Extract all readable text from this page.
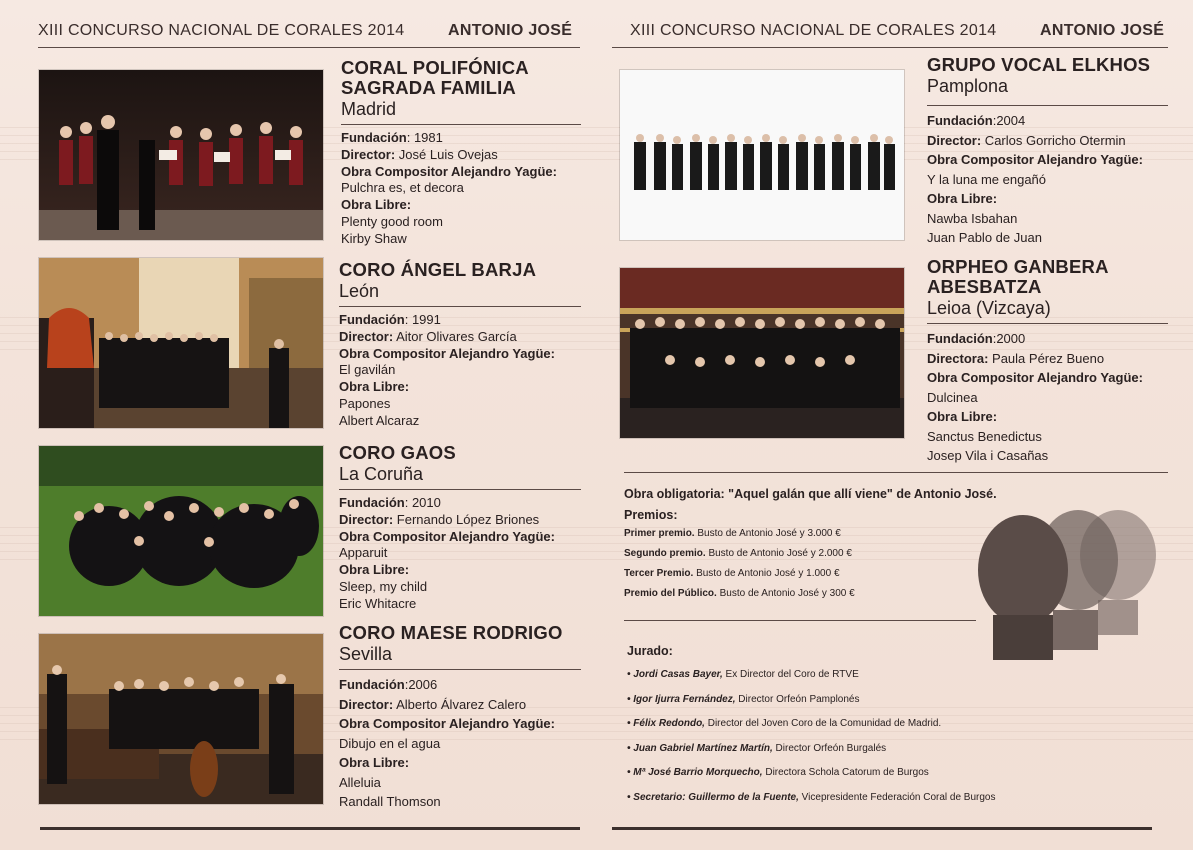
XIII CONCURSO NACIONAL DE CORALES 2014	ANTONIO JOSÉ	XIII CONCURSO NACIONAL DE CORALES 2014	ANTONIO JOSÉ
CORAL POLIFÓNICA SAGRADA FAMILIA
Madrid
Fundación: 1981
Director: José Luis Ovejas
Obra Compositor Alejandro Yagüe:
Pulchra es, et decora
Obra Libre:
Plenty good room
Kirby Shaw
CORO ÁNGEL BARJA
León
Fundación: 1991
Director: Aitor Olivares García
Obra Compositor Alejandro Yagüe:
El gavilán
Obra Libre:
Papones
Albert Alcaraz
CORO GAOS
La Coruña
Fundación: 2010
Director: Fernando López Briones
Obra Compositor Alejandro Yagüe:
Apparuit
Obra Libre:
Sleep, my child
Eric Whitacre
CORO MAESE RODRIGO
Sevilla
Fundación:2006
Director: Alberto Álvarez Calero
Obra Compositor Alejandro Yagüe:
Dibujo en el agua
Obra Libre:
Alleluia
Randall Thomson
GRUPO VOCAL ELKHOS
Pamplona
Fundación:2004
Director: Carlos Gorricho Otermin
Obra Compositor Alejandro Yagüe:
Y la luna me engañó
Obra Libre:
Nawba Isbahan
Juan Pablo de Juan
ORPHEO GANBERA ABESBATZA
Leioa (Vizcaya)
Fundación:2000
Directora: Paula Pérez Bueno
Obra Compositor Alejandro Yagüe:
Dulcinea
Obra Libre:
Sanctus Benedictus
Josep Vila i Casañas
Obra obligatoria: "Aquel galán que allí viene" de Antonio José.
Premios:
Primer premio. Busto de Antonio José y 3.000 €
Segundo premio. Busto de Antonio José y 2.000 €
Tercer Premio. Busto de Antonio José y 1.000 €
Premio del Público. Busto de Antonio José y 300 €
Jurado:
• Jordi Casas Bayer, Ex Director del Coro de RTVE
• Igor Ijurra Fernández, Director Orfeón Pamplonés
• Félix Redondo, Director del Joven Coro de la Comunidad de Madrid.
• Juan Gabriel Martínez Martín, Director Orfeón Burgalés
• Mª José Barrio Morquecho, Directora Schola Catorum de Burgos
• Secretario: Guillermo de la Fuente, Vicepresidente Federación Coral de Burgos
